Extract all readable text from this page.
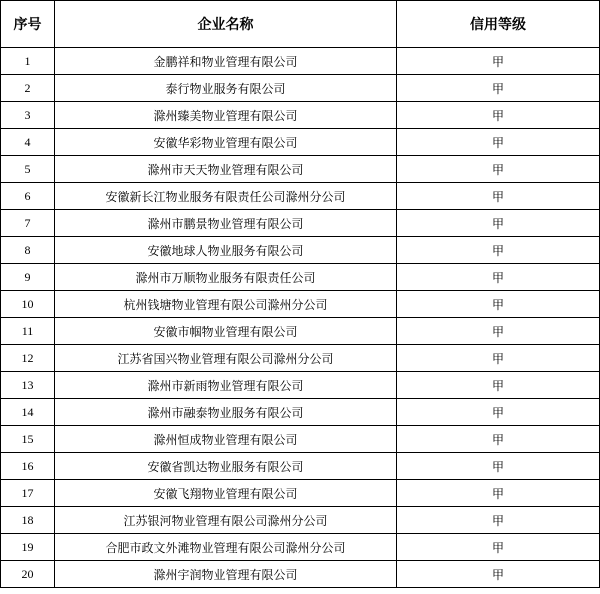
序号	企业名称	信用等级
1	金鹏祥和物业管理有限公司	甲
2	泰行物业服务有限公司	甲
3	滁州臻美物业管理有限公司	甲
4	安徽华彩物业管理有限公司	甲
5	滁州市天天物业管理有限公司	甲
6	安徽新长江物业服务有限责任公司滁州分公司	甲
7	滁州市鹏景物业管理有限公司	甲
8	安徽地球人物业服务有限公司	甲
9	滁州市万顺物业服务有限责任公司	甲
10	杭州钱塘物业管理有限公司滁州分公司	甲
11	安徽市帼物业管理有限公司	甲
12	江苏省国兴物业管理有限公司滁州分公司	甲
13	滁州市新雨物业管理有限公司	甲
14	滁州市融泰物业服务有限公司	甲
15	滁州恒成物业管理有限公司	甲
16	安徽省凯达物业服务有限公司	甲
17	安徽飞翔物业管理有限公司	甲
18	江苏银河物业管理有限公司滁州分公司	甲
19	合肥市政文外滩物业管理有限公司滁州分公司	甲
20	滁州宇润物业管理有限公司	甲
